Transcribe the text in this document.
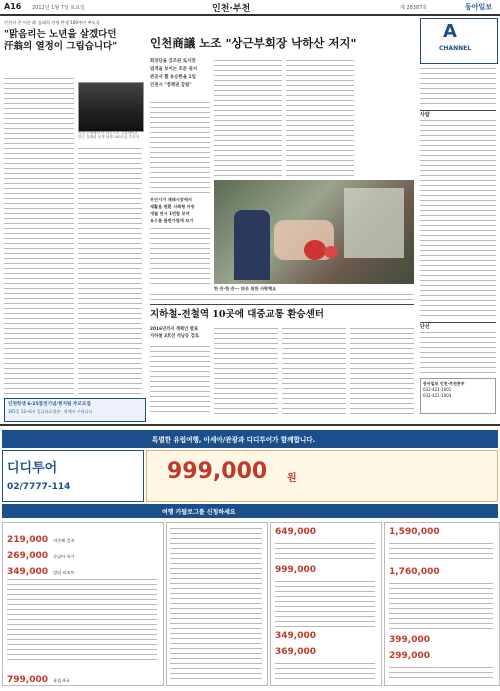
A16 2012년 1월 7일 토요일	인천·부천	제 28387호	동아일보
인천의 큰 어른 故 김태희 선생 탄생 100주년 추모식
"맑음리는 노년을 살겠다던
汗翁의 열정이 그립습니다"
인천 부평에서 큰 어른으로 추앙받아온 한근 김태희 선생 탄생 100주년 추모식
인천商議 노조 "상근부회장 낙하산 저지"
회장단을 강조된 토지장
엄격을 보이는 조문 권서
관공서 뽑 유승한을 1일
인천시 "정책권 감됨"
부산시가 재래시장에서
재활용 변환 사례형 아동
개월 연시 1번할 보여
유으롭 불면가볍게 보기
한 잔·한 잔··· 따듯 위한 사랑해요
지하철-전철역 10곳에 대중교통 환승센터
2016년까지 계획안 발표
지하철 3호선 석남등 검토
A
CHANNEL
사람
단신
동아일보 인천·부천본부
032-421-1001
032-421-1003
인천학생 6·25참전기념/현지팀 추모모집
365일 12~6시 일급유료개관 · 학예사 구합니다
특별한 유럽여행, 아세아/관광과 디디투어가 함께합니다.
디디투어
02/7777-114
999,000 원
여행 카탈로그를 신청하세요
219,000 지중해 일주
269,000 동남아 특가
349,000 발리 리조트
799,000 유럽 4국
649,000
999,000
349,000
369,000
1,590,000
1,760,000
399,000
299,000
